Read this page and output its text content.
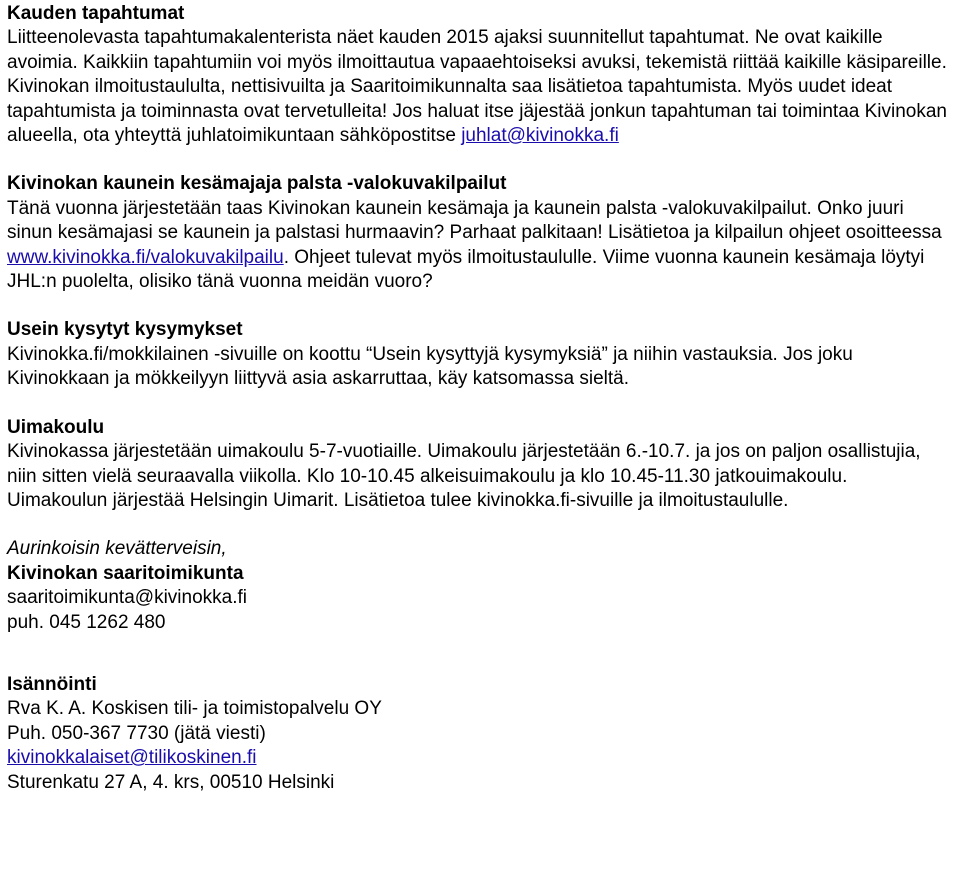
Kauden tapahtumat

Liitteenolevasta tapahtumakalenterista näet kauden 2015 ajaksi suunnitellut tapahtumat. Ne ovat kaikille avoimia. Kaikkiin tapahtumiin voi myös ilmoittautua vapaaehtoiseksi avuksi, tekemistä riittää kaikille käsipareille. Kivinokan ilmoitustaululta, nettisivuilta ja Saaritoimikunnalta saa lisätietoa tapahtumista. Myös uudet ideat tapahtumista ja toiminnasta ovat tervetulleita! Jos haluat itse jäjestää jonkun tapahtuman tai toimintaa Kivinokan alueella, ota yhteyttä juhlatoimikuntaan sähköpostitse juhlat@kivinokka.fi

Kivinokan kaunein kesämajaja palsta -valokuvakilpailut

Tänä vuonna järjestetään taas Kivinokan kaunein kesämaja ja kaunein palsta -valokuvakilpailut. Onko juuri sinun kesämajasi se kaunein ja palstasi hurmaavin? Parhaat palkitaan! Lisätietoa ja kilpailun ohjeet osoitteessa www.kivinokka.fi/valokuvakilpailu. Ohjeet tulevat myös ilmoitustaululle. Viime vuonna kaunein kesämaja löytyi JHL:n puolelta, olisiko tänä vuonna meidän vuoro?

Usein kysytyt kysymykset

Kivinokka.fi/mokkilainen -sivuille on koottu “Usein kysyttyjä kysymyksiä” ja niihin vastauksia. Jos joku Kivinokkaan ja mökkeilyyn liittyvä asia askarruttaa, käy katsomassa sieltä.

Uimakoulu

Kivinokassa järjestetään uimakoulu 5-7-vuotiaille. Uimakoulu järjestetään 6.-10.7. ja jos on paljon osallistujia, niin sitten vielä seuraavalla viikolla. Klo 10-10.45 alkeisuimakoulu ja klo 10.45-11.30 jatkouimakoulu. Uimakoulun järjestää Helsingin Uimarit. Lisätietoa tulee kivinokka.fi-sivuille ja ilmoitustaululle.

Aurinkoisin kevätterveisin,
Kivinokan saaritoimikunta
saaritoimikunta@kivinokka.fi
puh. 045 1262 480
Isännöinti
Rva K. A. Koskisen tili- ja toimistopalvelu OY
Puh. 050-367 7730 (jätä viesti)
kivinokkalaiset@tilikoskinen.fi
Sturenkatu 27 A, 4. krs, 00510 Helsinki
